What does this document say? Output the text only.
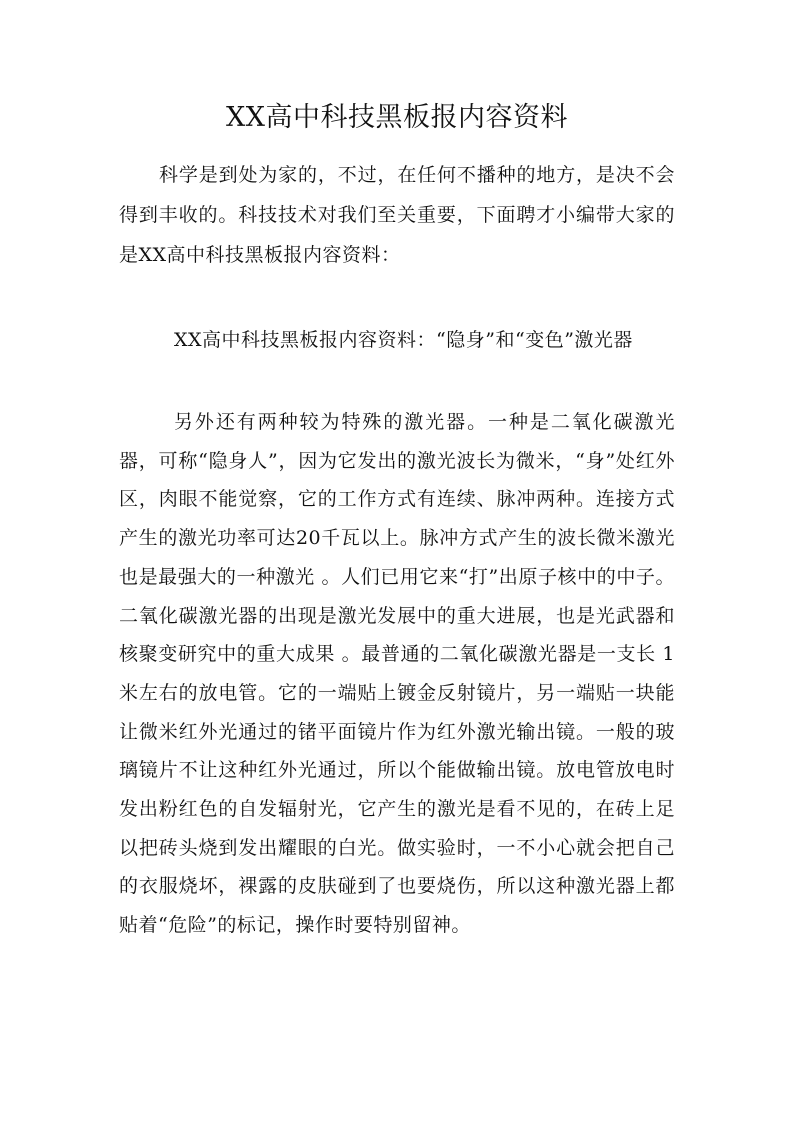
XX高中科技黑板报内容资料

科学是到处为家的，不过，在任何不播种的地方，是决不会得到丰收的。科技技术对我们至关重要，下面聘才小编带大家的是XX高中科技黑板报内容资料：

XX高中科技黑板报内容资料：“隐身”和“变色”激光器

另外还有两种较为特殊的激光器。一种是二氧化碳激光器，可称“隐身人”，因为它发出的激光波长为微米，“身”处红外区，肉眼不能觉察，它的工作方式有连续、脉冲两种。连接方式产生的激光功率可达20千瓦以上。脉冲方式产生的波长微米激光也是最强大的一种激光 。人们已用它来“打”出原子核中的中子。二氧化碳激光器的出现是激光发展中的重大进展，也是光武器和核聚变研究中的重大成果 。最普通的二氧化碳激光器是一支长 1米左右的放电管。它的一端贴上镀金反射镜片，另一端贴一块能让微米红外光通过的锗平面镜片作为红外激光输出镜。一般的玻璃镜片不让这种红外光通过，所以个能做输出镜。放电管放电时发出粉红色的自发辐射光，它产生的激光是看不见的，在砖上足以把砖头烧到发出耀眼的白光。做实验时，一不小心就会把自己的衣服烧坏，裸露的皮肤碰到了也要烧伤，所以这种激光器上都贴着“危险”的标记，操作时要特别留神。
